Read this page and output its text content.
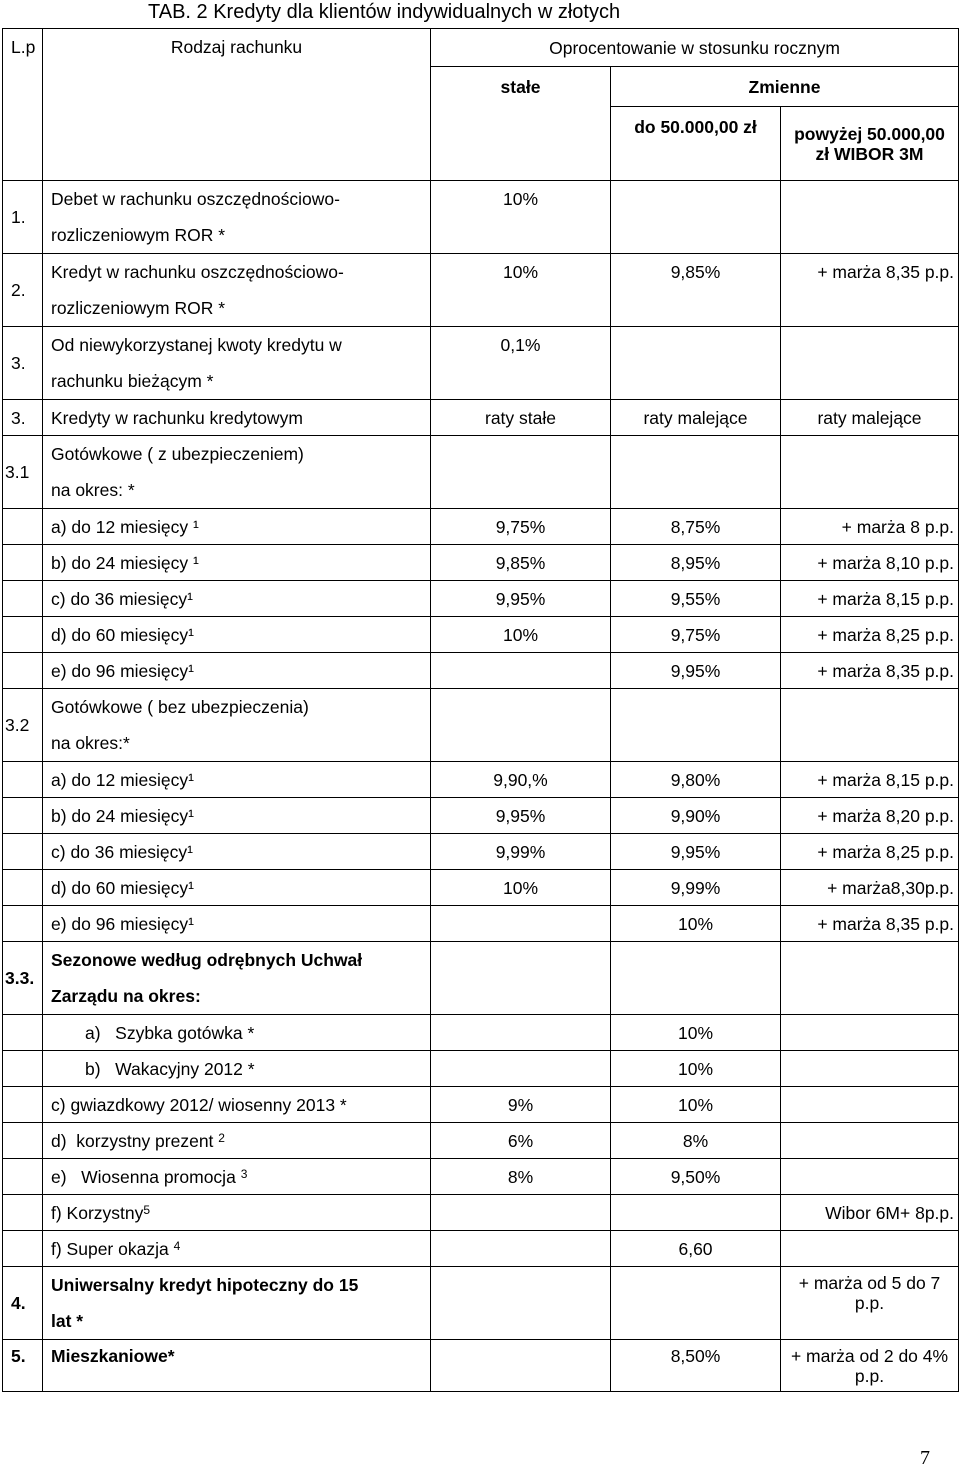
TAB. 2 Kredyty dla klientów indywidualnych w złotych
L.p	Rodzaj rachunku	Oprocentowanie w stosunku rocznym		
		stałe	Zmienne	
			do 50.000,00 zł	powyżej 50.000,00 zł WIBOR 3M
1.	Debet w rachunku oszczędnościowo-
rozliczeniowym ROR *	10%		
2.	Kredyt w rachunku oszczędnościowo-
rozliczeniowym ROR *	10%	9,85%	+ marża 8,35 p.p.
3.	Od niewykorzystanej kwoty kredytu w
rachunku bieżącym *	0,1%		
3.	Kredyty w rachunku kredytowym	raty stałe	raty malejące	raty malejące
3.1	Gotówkowe ( z ubezpieczeniem)
na okres: *			

	a) do 12 miesięcy ¹	9,75%	8,75%	+ marża 8 p.p.
	b) do 24 miesięcy ¹	9,85%	8,95%	+ marża 8,10 p.p.
	c) do 36 miesięcy¹	9,95%	9,55%	+ marża 8,15 p.p.
	d) do 60 miesięcy¹	10%	9,75%	+ marża 8,25 p.p.
	e) do 96 miesięcy¹		9,95%	+ marża 8,35 p.p.
3.2	Gotówkowe ( bez ubezpieczenia)
na okres:*			

	a) do 12 miesięcy¹	9,90,%	9,80%	+ marża 8,15 p.p.
	b) do 24 miesięcy¹	9,95%	9,90%	+ marża 8,20 p.p.
	c) do 36 miesięcy¹	9,99%	9,95%	+ marża 8,25 p.p.
	d) do 60 miesięcy¹	10%	9,99%	+ marża8,30p.p.
	e) do 96 miesięcy¹		10%	+ marża 8,35 p.p.
3.3.	Sezonowe według odrębnych Uchwał
Zarządu na okres:			

	a)   Szybka gotówka *		10%	
	b)   Wakacyjny 2012 *		10%	
	c) gwiazdkowy 2012/ wiosenny 2013 *	9%	10%	
	d)  korzystny prezent $^2$	6%	8%	
	e)   Wiosenna promocja $^3$	8%	9,50%	
	f) Korzystny$^5$			Wibor 6M+ 8p.p.
	f) Super okazja $^4$		6,60	
4.	Uniwersalny kredyt hipoteczny do 15
lat *			+ marża od 5 do 7 p.p.
5.	Mieszkaniowe*		8,50%	+ marża od 2 do 4% p.p.
7
